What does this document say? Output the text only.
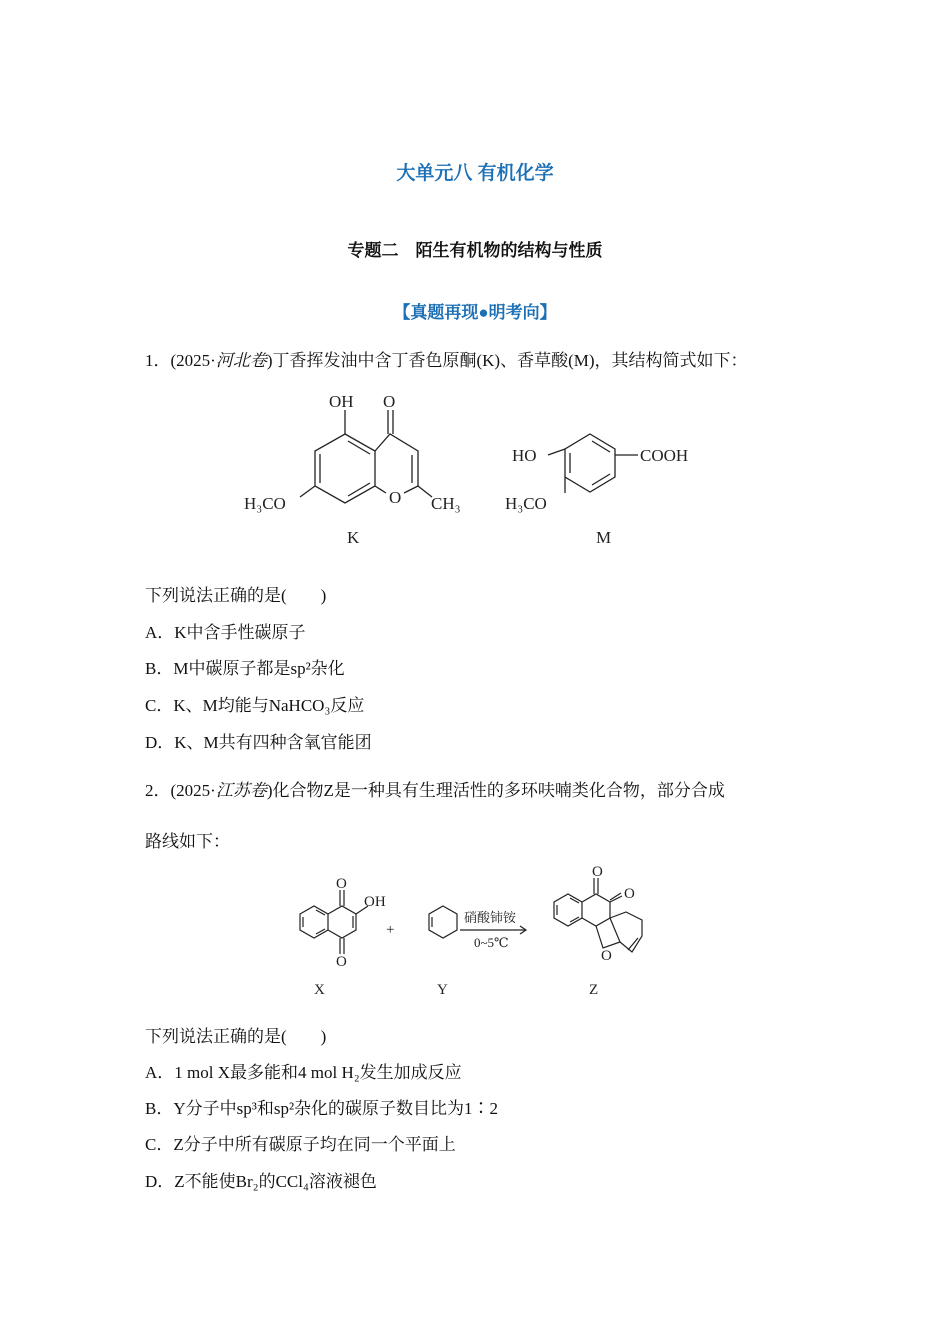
大单元八 有机化学
专题二　陌生有机物的结构与性质
【真题再现●明考向】
1．(2025·河北卷)丁香挥发油中含丁香色原酮(K)、香草酸(M)，其结构简式如下：
OH O
H₃CO	O CH₃
K
HO	COOH
H₃CO
M
下列说法正确的是(　　)
A．K中含手性碳原子
B．M中碳原子都是sp²杂化
C．K、M均能与NaHCO₃反应
D．K、M共有四种含氧官能团
2．(2025·江苏卷)化合物Z是一种具有生理活性的多环呋喃类化合物，部分合成
路线如下：
O
OH
O
+
O
O
O
X	Y	Z
硝酸铈铵
0~5℃
下列说法正确的是(　　)
A．1 mol X最多能和4 mol H₂发生加成反应
B．Y分子中sp³和sp²杂化的碳原子数目比为1∶2
C．Z分子中所有碳原子均在同一个平面上
D．Z不能使Br₂的CCl₄溶液褪色
